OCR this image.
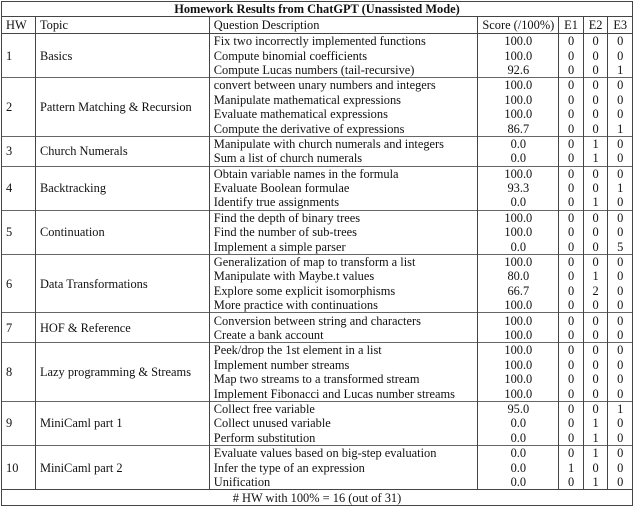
Homework Results from ChatGPT (Unassisted Mode)						
HW	Topic	Question Description	Score (/100%)	E1	E2	E3
1	Basics	Fix two incorrectly implemented functions	100.0	0	0	0
		Compute binomial coefficients	100.0	0	0	0
		Compute Lucas numbers (tail-recursive)	92.6	0	0	1
2	Pattern Matching & Recursion	convert between unary numbers and integers	100.0	0	0	0
		Manipulate mathematical expressions	100.0	0	0	0
		Evaluate mathematical expressions	100.0	0	0	0
		Compute the derivative of expressions	86.7	0	0	1
3	Church Numerals	Manipulate with church numerals and integers	0.0	0	1	0
		Sum a list of church numerals	0.0	0	1	0
4	Backtracking	Obtain variable names in the formula	100.0	0	0	0
		Evaluate Boolean formulae	93.3	0	0	1
		Identify true assignments	0.0	0	1	0
5	Continuation	Find the depth of binary trees	100.0	0	0	0
		Find the number of sub-trees	100.0	0	0	0
		Implement a simple parser	0.0	0	0	5
6	Data Transformations	Generalization of map to transform a list	100.0	0	0	0
		Manipulate with Maybe.t values	80.0	0	1	0
		Explore some explicit isomorphisms	66.7	0	2	0
		More practice with continuations	100.0	0	0	0
7	HOF & Reference	Conversion between string and characters	100.0	0	0	0
		Create a bank account	100.0	0	0	0
8	Lazy programming & Streams	Peek/drop the 1st element in a list	100.0	0	0	0
		Implement number streams	100.0	0	0	0
		Map two streams to a transformed stream	100.0	0	0	0
		Implement Fibonacci and Lucas number streams	100.0	0	0	0
9	MiniCaml part 1	Collect free variable	95.0	0	0	1
		Collect unused variable	0.0	0	1	0
		Perform substitution	0.0	0	1	0
10	MiniCaml part 2	Evaluate values based on big-step evaluation	0.0	0	1	0
		Infer the type of an expression	0.0	1	0	0
		Unification	0.0	0	1	0
# HW with 100% = 16 (out of 31)						
